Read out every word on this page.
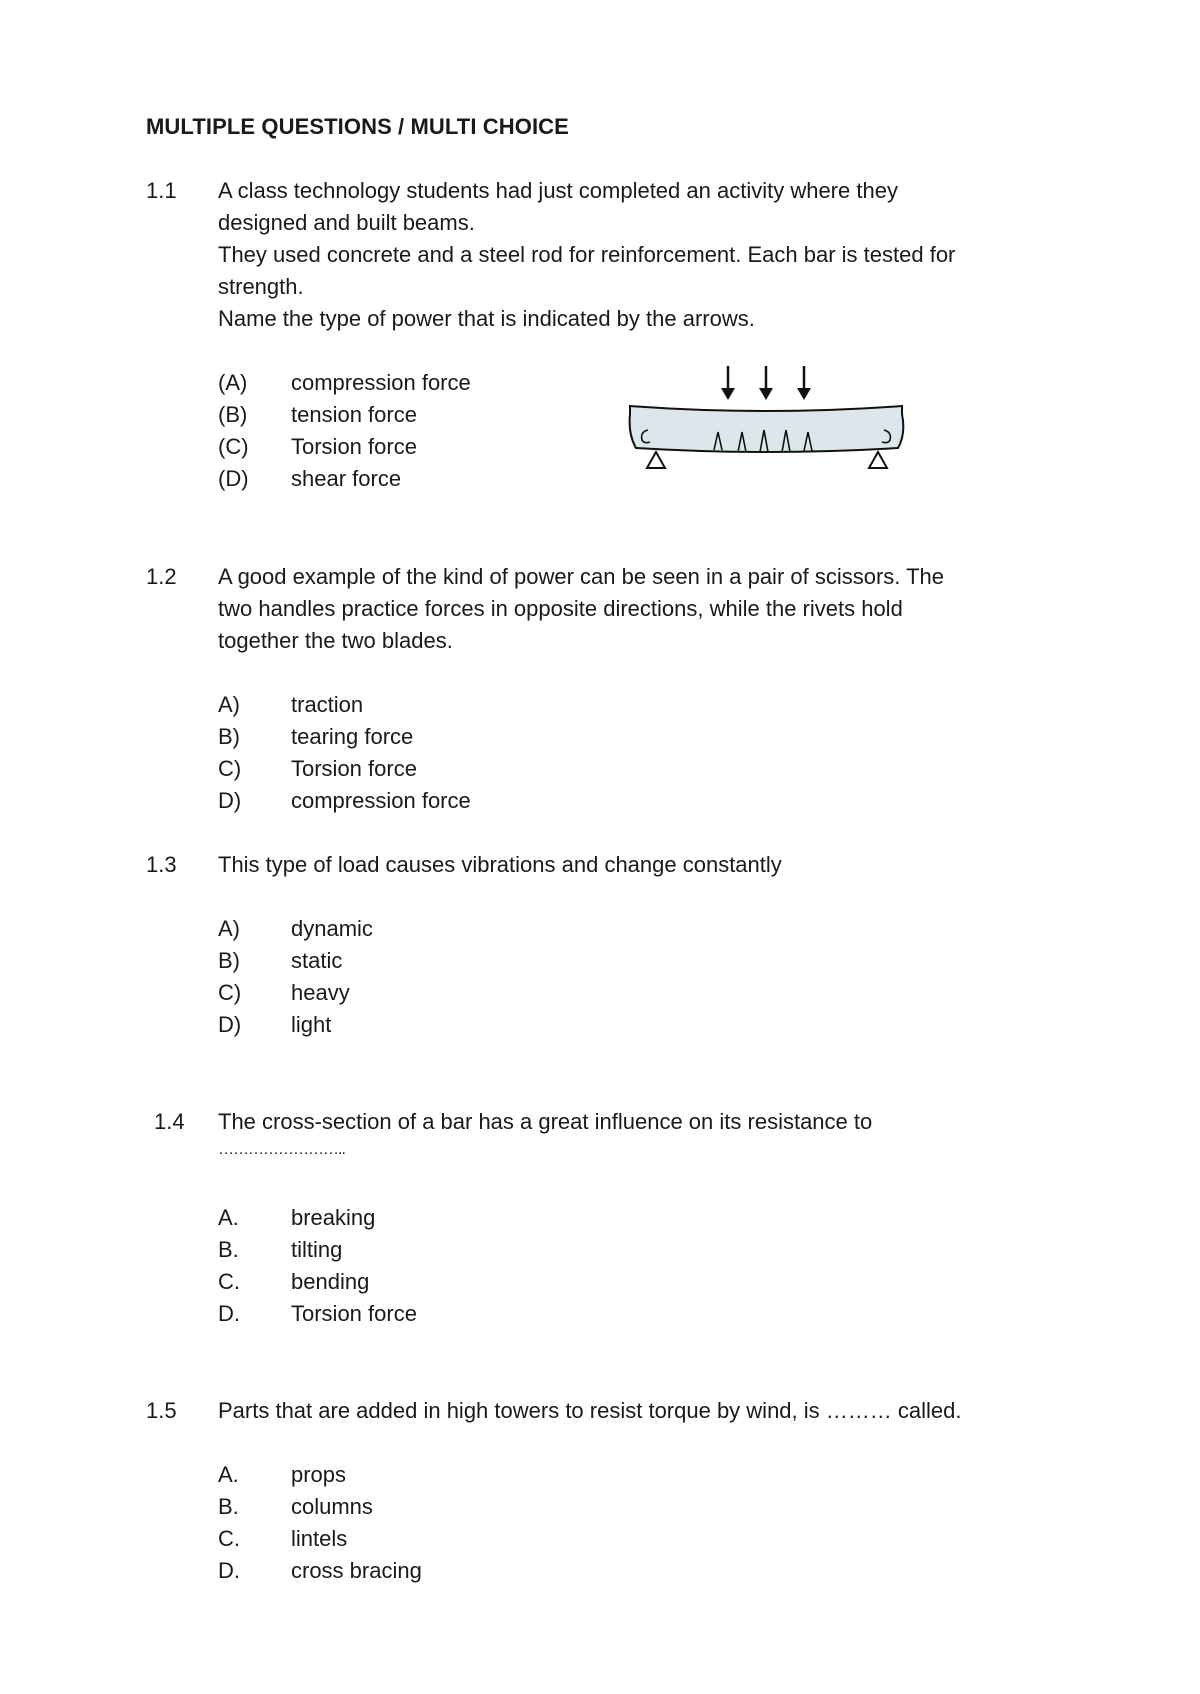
MULTIPLE QUESTIONS / MULTI CHOICE
1.1 A class technology students had just completed an activity where they
designed and built beams.
They used concrete and a steel rod for reinforcement. Each bar is tested for
strength.
Name the type of power that is indicated by the arrows.
(A) compression force
(B) tension force
(C) Torsion force
(D) shear force
1.2 A good example of the kind of power can be seen in a pair of scissors. The
two handles practice forces in opposite directions, while the rivets hold
together the two blades.
A) traction
B) tearing force
C) Torsion force
D) compression force
1.3 This type of load causes vibrations and change constantly
A) dynamic
B) static
C) heavy
D) light
1.4 The cross-section of a bar has a great influence on its resistance to
……………………..
A. breaking
B. tilting
C. bending
D. Torsion force
1.5 Parts that are added in high towers to resist torque by wind, is ……… called.
A. props
B. columns
C. lintels
D. cross bracing
